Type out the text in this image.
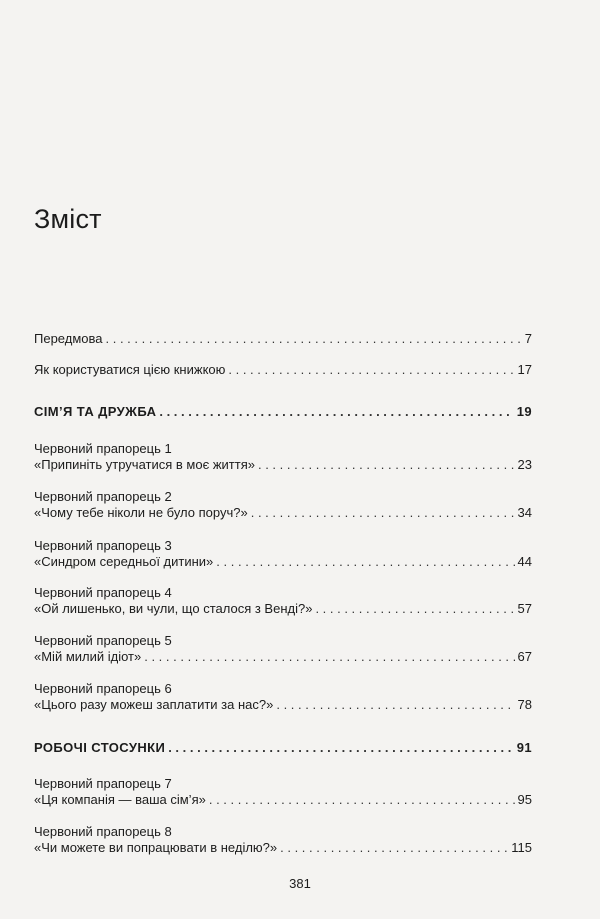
Зміст
Передмова . . .	7
Як користуватися цією книжкою . . .	17
СІМ’Я ТА ДРУЖБА . . .	19
Червоний прапорець 1
«Припиніть утручатися в моє життя» . . .	23
Червоний прапорець 2
«Чому тебе ніколи не було поруч?» . . .	34
Червоний прапорець 3
«Синдром середньої дитини» . . .	44
Червоний прапорець 4
«Ой лишенько, ви чули, що сталося з Венді?» . . .	57
Червоний прапорець 5
«Мій милий ідіот» . . .	67
Червоний прапорець 6
«Цього разу можеш заплатити за нас?» . . .	78
РОБОЧІ СТОСУНКИ . . .	91
Червоний прапорець 7
«Ця компанія — ваша сім’я» . . .	95
Червоний прапорець 8
«Чи можете ви попрацювати в неділю?» . . .	115
381
